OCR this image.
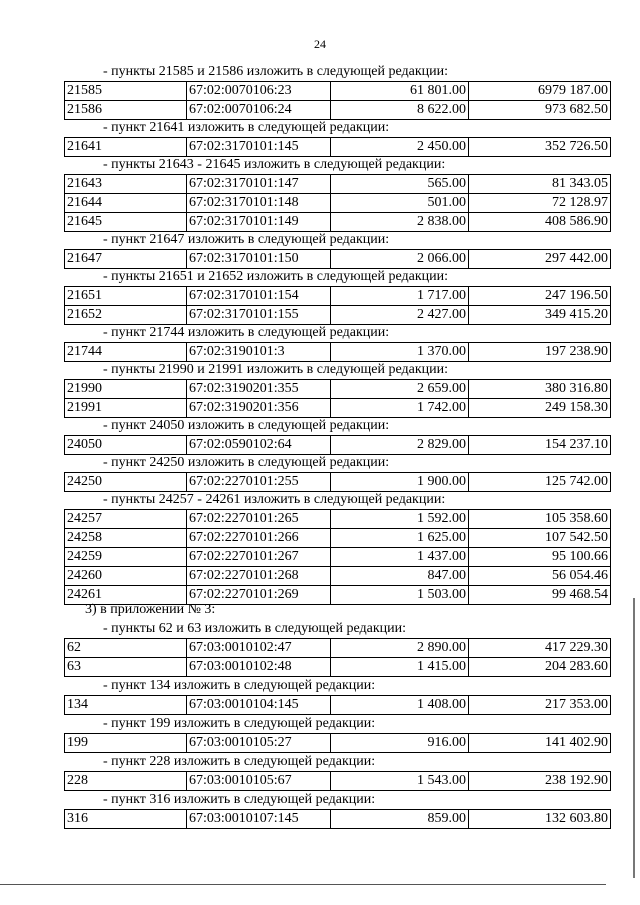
24
- пункты 21585 и 21586 изложить в следующей редакции:
21585	67:02:0070106:23	61 801.00	6979 187.00
21586	67:02:0070106:24	8 622.00	973 682.50
- пункт 21641 изложить в следующей редакции:
21641	67:02:3170101:145	2 450.00	352 726.50
- пункты 21643 - 21645 изложить в следующей редакции:
21643	67:02:3170101:147	565.00	81 343.05
21644	67:02:3170101:148	501.00	72 128.97
21645	67:02:3170101:149	2 838.00	408 586.90
- пункт 21647 изложить в следующей редакции:
21647	67:02:3170101:150	2 066.00	297 442.00
- пункты 21651 и 21652 изложить в следующей редакции:
21651	67:02:3170101:154	1 717.00	247 196.50
21652	67:02:3170101:155	2 427.00	349 415.20
- пункт 21744 изложить в следующей редакции:
21744	67:02:3190101:3	1 370.00	197 238.90
- пункты 21990 и 21991 изложить в следующей редакции:
21990	67:02:3190201:355	2 659.00	380 316.80
21991	67:02:3190201:356	1 742.00	249 158.30
- пункт 24050 изложить в следующей редакции:
24050	67:02:0590102:64	2 829.00	154 237.10
- пункт 24250 изложить в следующей редакции:
24250	67:02:2270101:255	1 900.00	125 742.00
- пункты 24257 - 24261 изложить в следующей редакции:
24257	67:02:2270101:265	1 592.00	105 358.60
24258	67:02:2270101:266	1 625.00	107 542.50
24259	67:02:2270101:267	1 437.00	95 100.66
24260	67:02:2270101:268	847.00	56 054.46
24261	67:02:2270101:269	1 503.00	99 468.54
3) в приложении № 3:
- пункты 62 и 63 изложить в следующей редакции:
62	67:03:0010102:47	2 890.00	417 229.30
63	67:03:0010102:48	1 415.00	204 283.60
- пункт 134 изложить в следующей редакции:
134	67:03:0010104:145	1 408.00	217 353.00
- пункт 199 изложить в следующей редакции:
199	67:03:0010105:27	916.00	141 402.90
- пункт 228 изложить в следующей редакции:
228	67:03:0010105:67	1 543.00	238 192.90
- пункт 316 изложить в следующей редакции:
316	67:03:0010107:145	859.00	132 603.80
